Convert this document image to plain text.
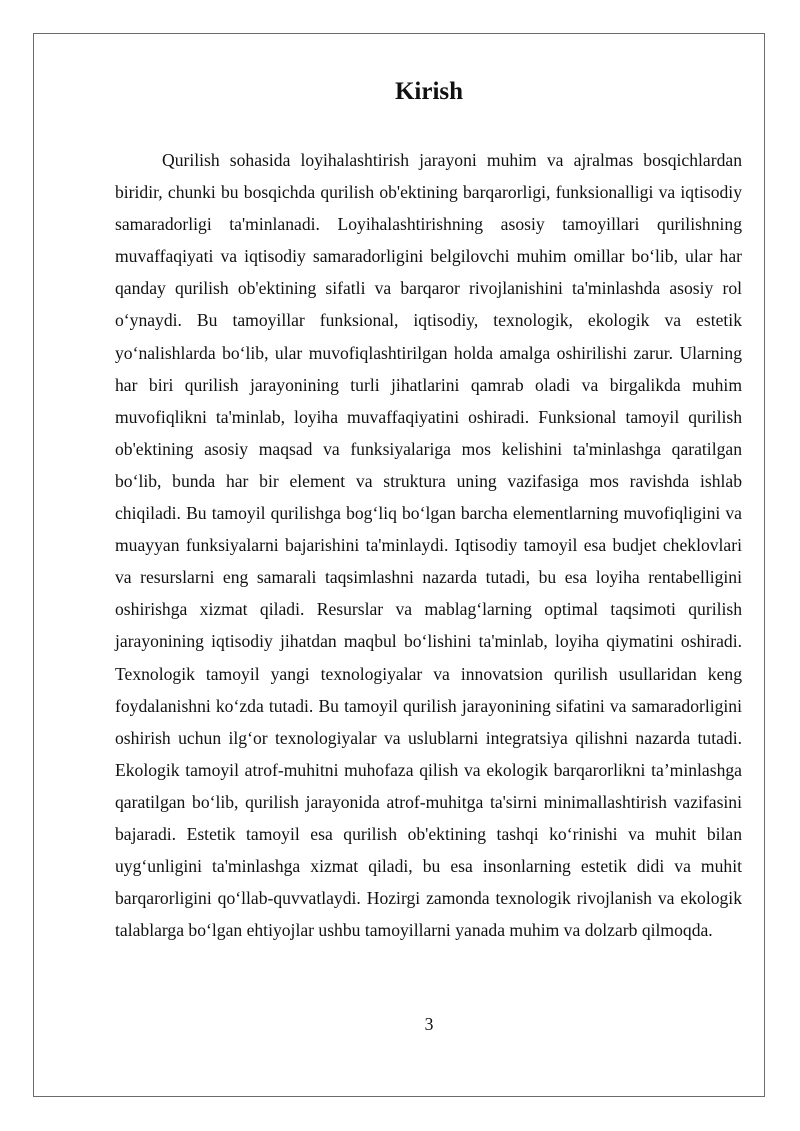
Kirish

Qurilish sohasida loyihalashtirish jarayoni muhim va ajralmas bosqichlardan biridir, chunki bu bosqichda qurilish ob'ektining barqarorligi, funksionalligi va iqtisodiy samaradorligi ta'minlanadi. Loyihalashtirishning asosiy tamoyillari qurilishning muvaffaqiyati va iqtisodiy samaradorligini belgilovchi muhim omillar bo‘lib, ular har qanday qurilish ob'ektining sifatli va barqaror rivojlanishini ta'minlashda asosiy rol o‘ynaydi. Bu tamoyillar funksional, iqtisodiy, texnologik, ekologik va estetik yo‘nalishlarda bo‘lib, ular muvofiqlashtirilgan holda amalga oshirilishi zarur. Ularning har biri qurilish jarayonining turli jihatlarini qamrab oladi va birgalikda muhim muvofiqlikni ta'minlab, loyiha muvaffaqiyatini oshiradi. Funksional tamoyil qurilish ob'ektining asosiy maqsad va funksiyalariga mos kelishini ta'minlashga qaratilgan bo‘lib, bunda har bir element va struktura uning vazifasiga mos ravishda ishlab chiqiladi. Bu tamoyil qurilishga bog‘liq bo‘lgan barcha elementlarning muvofiqligini va muayyan funksiyalarni bajarishini ta'minlaydi. Iqtisodiy tamoyil esa budjet cheklovlari va resurslarni eng samarali taqsimlashni nazarda tutadi, bu esa loyiha rentabelligini oshirishga xizmat qiladi. Resurslar va mablag‘larning optimal taqsimoti qurilish jarayonining iqtisodiy jihatdan maqbul bo‘lishini ta'minlab, loyiha qiymatini oshiradi. Texnologik tamoyil yangi texnologiyalar va innovatsion qurilish usullaridan keng foydalanishni ko‘zda tutadi. Bu tamoyil qurilish jarayonining sifatini va samaradorligini oshirish uchun ilg‘or texnologiyalar va uslublarni integratsiya qilishni nazarda tutadi. Ekologik tamoyil atrof-muhitni muhofaza qilish va ekologik barqarorlikni ta’minlashga qaratilgan bo‘lib, qurilish jarayonida atrof-muhitga ta'sirni minimallashtirish vazifasini bajaradi. Estetik tamoyil esa qurilish ob'ektining tashqi ko‘rinishi va muhit bilan uyg‘unligini ta'minlashga xizmat qiladi, bu esa insonlarning estetik didi va muhit barqarorligini qo‘llab-quvvatlaydi. Hozirgi zamonda texnologik rivojlanish va ekologik talablarga bo‘lgan ehtiyojlar ushbu tamoyillarni yanada muhim va dolzarb qilmoqda.

3
